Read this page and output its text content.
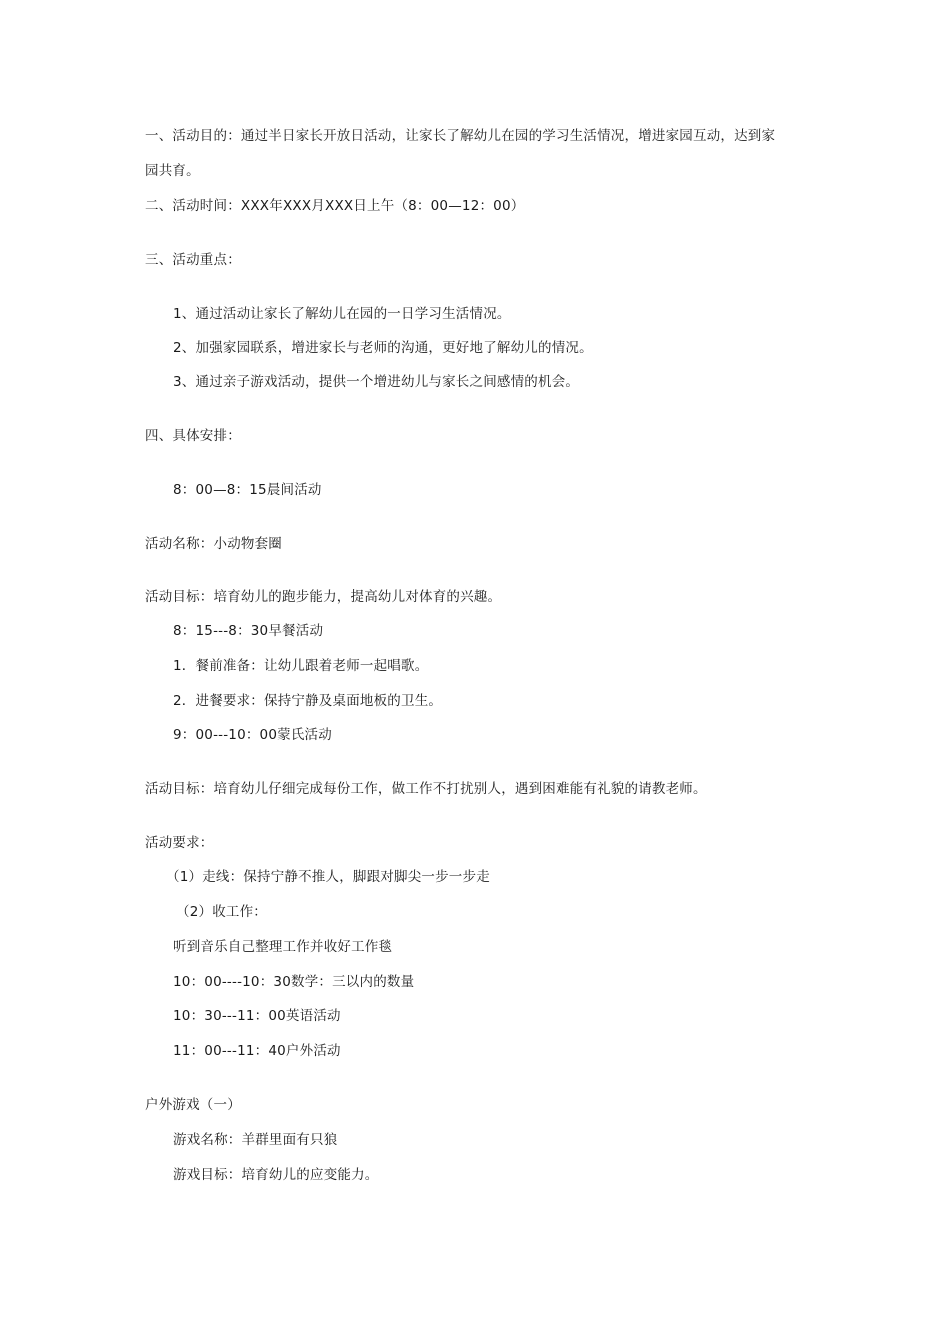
一、活动目的：通过半日家长开放日活动，让家长了解幼儿在园的学习生活情况，增进家园互动，达到家
园共育。
二、活动时间：XXX年XXX月XXX日上午（8：00—12：00）
三、活动重点：
1、通过活动让家长了解幼儿在园的一日学习生活情况。
2、加强家园联系，增进家长与老师的沟通，更好地了解幼儿的情况。
3、通过亲子游戏活动，提供一个增进幼儿与家长之间感情的机会。
四、具体安排：
8：00—8：15晨间活动
活动名称：小动物套圈
活动目标：培育幼儿的跑步能力，提高幼儿对体育的兴趣。
8：15---8：30早餐活动
1．餐前准备：让幼儿跟着老师一起唱歌。
2．进餐要求：保持宁静及桌面地板的卫生。
9：00---10：00蒙氏活动
活动目标：培育幼儿仔细完成每份工作，做工作不打扰别人，遇到困难能有礼貌的请教老师。
活动要求：
（1）走线：保持宁静不推人，脚跟对脚尖一步一步走
（2）收工作：
听到音乐自己整理工作并收好工作毯
10：00----10：30数学：三以内的数量
10：30---11：00英语活动
11：00---11：40户外活动
户外游戏（一）
游戏名称：羊群里面有只狼
游戏目标：培育幼儿的应变能力。
